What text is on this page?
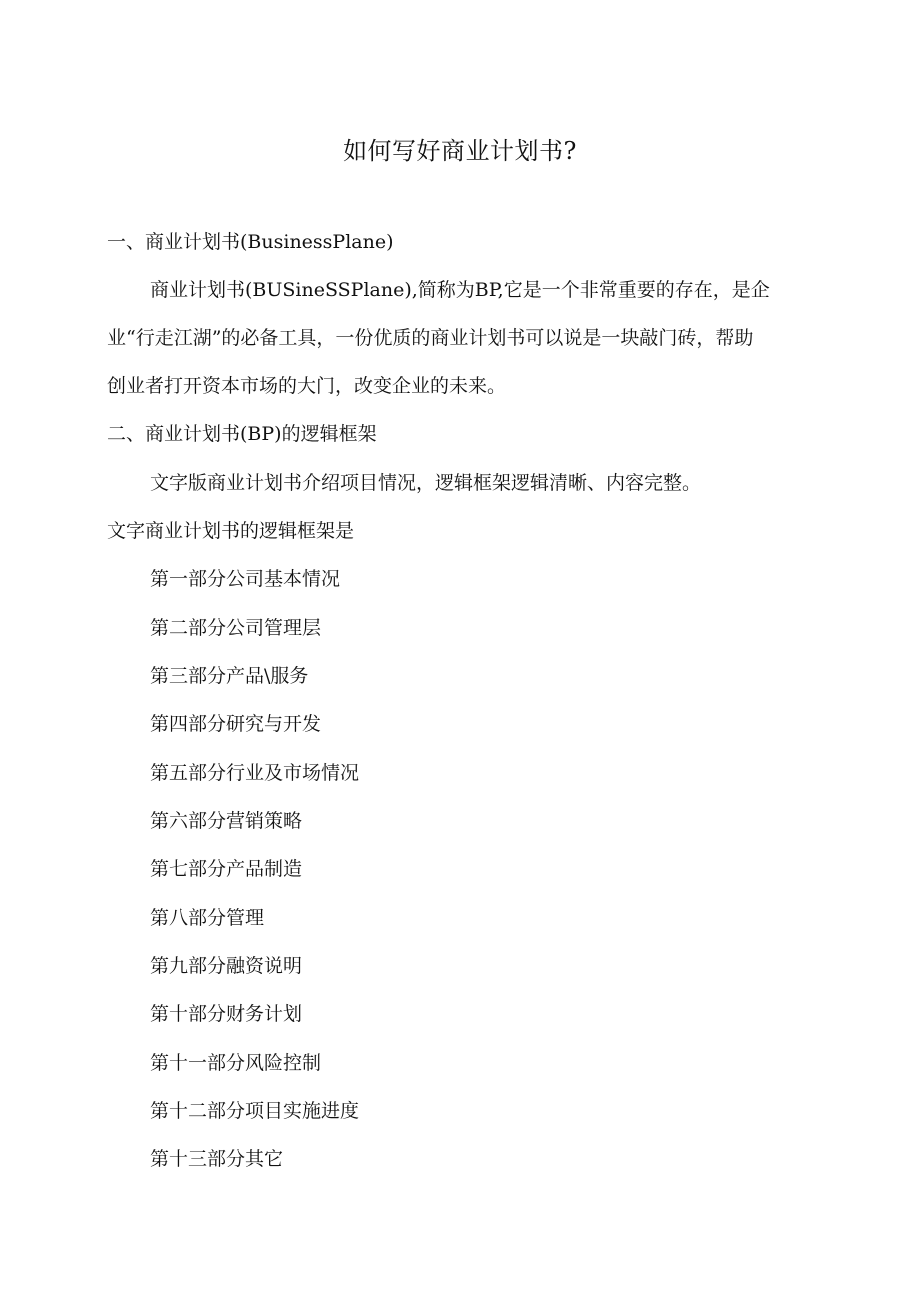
如何写好商业计划书?
一、商业计划书(BusinessPlane)
商业计划书(BUSineSSPlane),简称为BP,它是一个非常重要的存在，是企
业“行走江湖”的必备工具，一份优质的商业计划书可以说是一块敲门砖，帮助
创业者打开资本市场的大门，改变企业的未来。
二、商业计划书(BP)的逻辑框架
文字版商业计划书介绍项目情况，逻辑框架逻辑清晰、内容完整。
文字商业计划书的逻辑框架是
第一部分公司基本情况
第二部分公司管理层
第三部分产品\服务
第四部分研究与开发
第五部分行业及市场情况
第六部分营销策略
第七部分产品制造
第八部分管理
第九部分融资说明
第十部分财务计划
第十一部分风险控制
第十二部分项目实施进度
第十三部分其它
